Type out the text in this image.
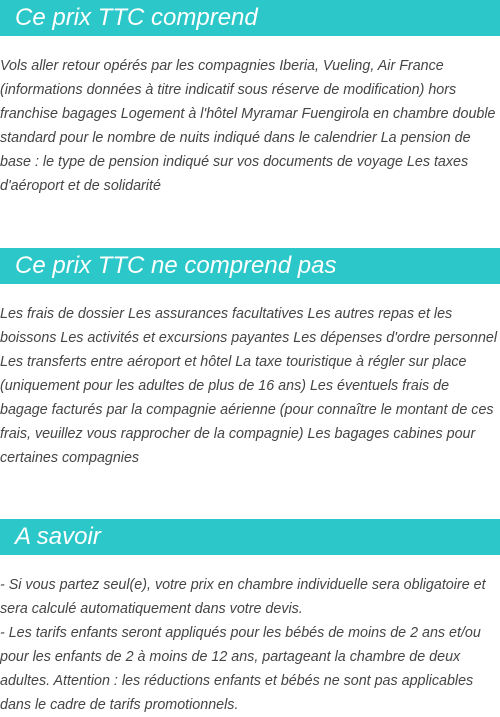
Ce prix TTC comprend

Vols aller retour opérés par les compagnies Iberia, Vueling, Air France (informations données à titre indicatif sous réserve de modification) hors franchise bagages Logement à l'hôtel Myramar Fuengirola en chambre double standard pour le nombre de nuits indiqué dans le calendrier La pension de base : le type de pension indiqué sur vos documents de voyage Les taxes d'aéroport et de solidarité

Ce prix TTC ne comprend pas

Les frais de dossier Les assurances facultatives Les autres repas et les boissons Les activités et excursions payantes Les dépenses d'ordre personnel Les transferts entre aéroport et hôtel La taxe touristique à régler sur place (uniquement pour les adultes de plus de 16 ans) Les éventuels frais de bagage facturés par la compagnie aérienne (pour connaître le montant de ces frais, veuillez vous rapprocher de la compagnie) Les bagages cabines pour certaines compagnies

A savoir

- Si vous partez seul(e), votre prix en chambre individuelle sera obligatoire et sera calculé automatiquement dans votre devis.

- Les tarifs enfants seront appliqués pour les bébés de moins de 2 ans et/ou pour les enfants de 2 à moins de 12 ans, partageant la chambre de deux adultes. Attention : les réductions enfants et bébés ne sont pas applicables dans le cadre de tarifs promotionnels.
